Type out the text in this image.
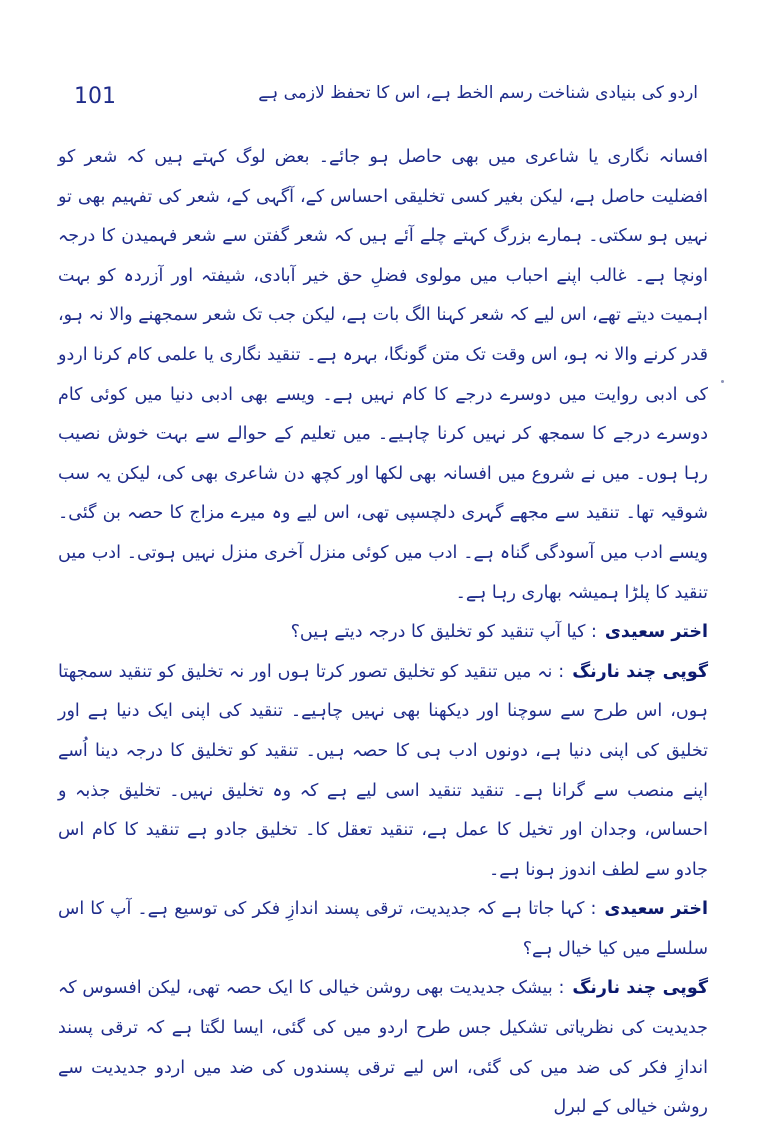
101	اردو کی بنیادی شناخت رسم الخط ہے، اس کا تحفظ لازمی ہے

افسانہ نگاری یا شاعری میں بھی حاصل ہو جائے۔ بعض لوگ کہتے ہیں کہ شعر کو افضلیت حاصل ہے، لیکن بغیر کسی تخلیقی احساس کے، آگہی کے، شعر کی تفہیم بھی تو نہیں ہو سکتی۔ ہمارے بزرگ کہتے چلے آئے ہیں کہ شعر گفتن سے شعر فہمیدن کا درجہ اونچا ہے۔ غالب اپنے احباب میں مولوی فضلِ حق خیر آبادی، شیفتہ اور آزردہ کو بہت اہمیت دیتے تھے، اس لیے کہ شعر کہنا الگ بات ہے، لیکن جب تک شعر سمجھنے والا نہ ہو، قدر کرنے والا نہ ہو، اس وقت تک متن گونگا، بہرہ ہے۔ تنقید نگاری یا علمی کام کرنا اردو کی ادبی روایت میں دوسرے درجے کا کام نہیں ہے۔ ویسے بھی ادبی دنیا میں کوئی کام دوسرے درجے کا سمجھ کر نہیں کرنا چاہیے۔ میں تعلیم کے حوالے سے بہت خوش نصیب رہا ہوں۔ میں نے شروع میں افسانہ بھی لکھا اور کچھ دن شاعری بھی کی، لیکن یہ سب شوقیہ تھا۔ تنقید سے مجھے گہری دلچسپی تھی، اس لیے وہ میرے مزاج کا حصہ بن گئی۔ ویسے ادب میں آسودگی گناہ ہے۔ ادب میں کوئی منزل آخری منزل نہیں ہوتی۔ ادب میں تنقید کا پلڑا ہمیشہ بھاری رہا ہے۔

اختر سعیدی: کیا آپ تنقید کو تخلیق کا درجہ دیتے ہیں؟

گوپی چند نارنگ: نہ میں تنقید کو تخلیق تصور کرتا ہوں اور نہ تخلیق کو تنقید سمجھتا ہوں، اس طرح سے سوچنا اور دیکھنا بھی نہیں چاہیے۔ تنقید کی اپنی ایک دنیا ہے اور تخلیق کی اپنی دنیا ہے، دونوں ادب ہی کا حصہ ہیں۔ تنقید کو تخلیق کا درجہ دینا اُسے اپنے منصب سے گرانا ہے۔ تنقید تنقید اسی لیے ہے کہ وہ تخلیق نہیں۔ تخلیق جذبہ و احساس، وجدان اور تخیل کا عمل ہے، تنقید تعقل کا۔ تخلیق جادو ہے تنقید کا کام اس جادو سے لطف اندوز ہونا ہے۔

اختر سعیدی: کہا جاتا ہے کہ جدیدیت، ترقی پسند اندازِ فکر کی توسیع ہے۔ آپ کا اس سلسلے میں کیا خیال ہے؟

گوپی چند نارنگ: بیشک جدیدیت بھی روشن خیالی کا ایک حصہ تھی، لیکن افسوس کہ جدیدیت کی نظریاتی تشکیل جس طرح اردو میں کی گئی، ایسا لگتا ہے کہ ترقی پسند اندازِ فکر کی ضد میں کی گئی، اس لیے ترقی پسندوں کی ضد میں اردو جدیدیت سے روشن خیالی کے لبرل
